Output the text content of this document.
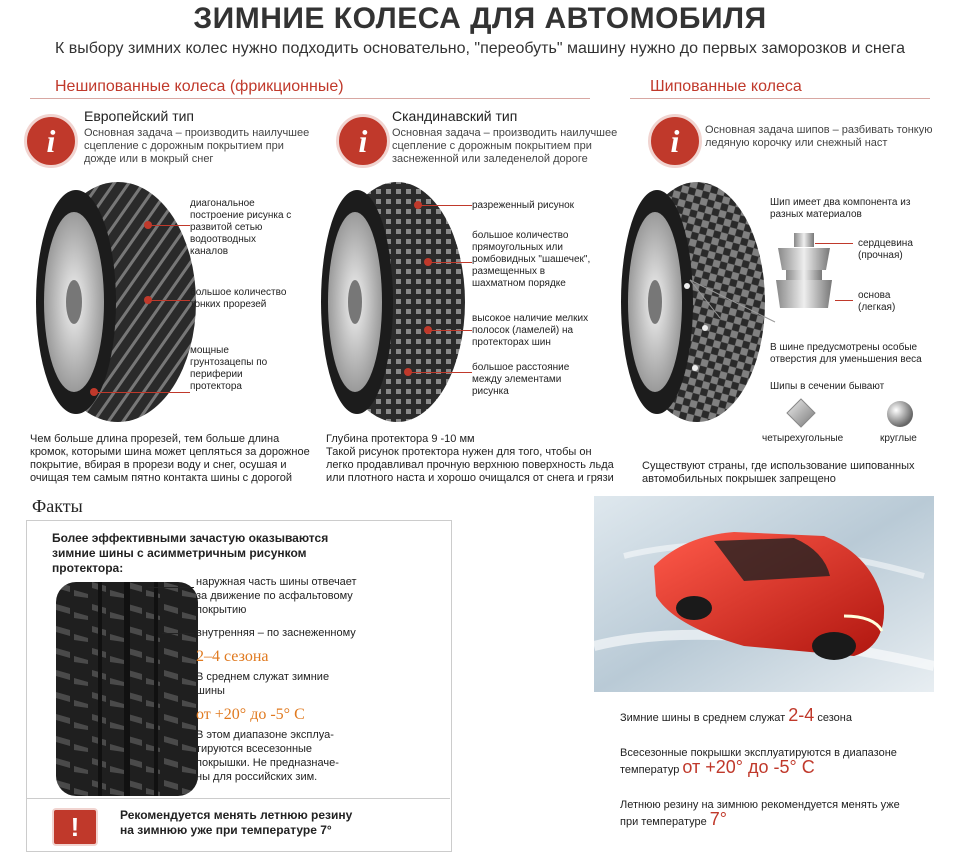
ЗИМНИЕ КОЛЕСА ДЛЯ АВТОМОБИЛЯ
К выбору зимних колес нужно подходить основательно, "переобуть" машину нужно до первых заморозков и снега
Нешипованные колеса (фрикционные)	Шипованные колеса
i
Европейский тип
Основная задача – производить наилучшее
сцепление с дорожным покрытием при
дожде или в мокрый снег	i
Скандинавский тип
Основная задача – производить наилучшее
сцепление с дорожным покрытием при
заснеженной или заледенелой дороге	i	Основная задача шипов – разбивать тонкую
ледяную корочку или снежный наст
диагональное
построение рисунка с
развитой сетью
водоотводных
каналов
большое количество
тонких прорезей
мощные
грунтозацепы по
периферии
протектора
разреженный рисунок
большое количество
прямоугольных или
ромбовидных "шашечек",
размещенных в
шахматном порядке
высокое наличие мелких
полосок (ламелей) на
протекторах шин
большое расстояние
между элементами
рисунка
Шип имеет два компонента из
разных материалов
сердцевина
(прочная)
основа
(легкая)
В шине предусмотрены особые
отверстия для уменьшения веса
Шипы в сечении бывают
четырехугольные	круглые
Чем больше длина прорезей, тем больше длина
кромок, которыми шина может цепляться за дорожное
покрытие, вбирая в прорези воду и снег, осушая и
очищая тем самым пятно контакта шины с дорогой
Глубина протектора 9 -10 мм
Такой рисунок протектора нужен для того, чтобы он
легко продавливал прочную верхнюю поверхность льда
или плотного наста и хорошо очищался от снега и грязи
Существуют страны, где использование шипованных
автомобильных покрышек запрещено
Факты
Более эффективными зачастую оказываются
зимние шины с асимметричным рисунком
протектора:
наружная часть шины отвечает
за движение по асфальтовому
покрытию
внутренняя – по заснеженному
2–4 сезона
В среднем служат зимние
шины
от +20° до -5° С
В этом диапазоне эксплуа-
тируются всесезонные
покрышки. Не предназначе-
ны для российских зим.
!	Рекомендуется менять летнюю резину
на зимнюю уже при температуре 7°
Зимние шины в среднем служат 2-4 сезона
Всесезонные покрышки эксплуатируются в диапазоне
температур от +20° до -5° С
Летнюю резину на зимнюю рекомендуется менять уже
при температуре 7°
